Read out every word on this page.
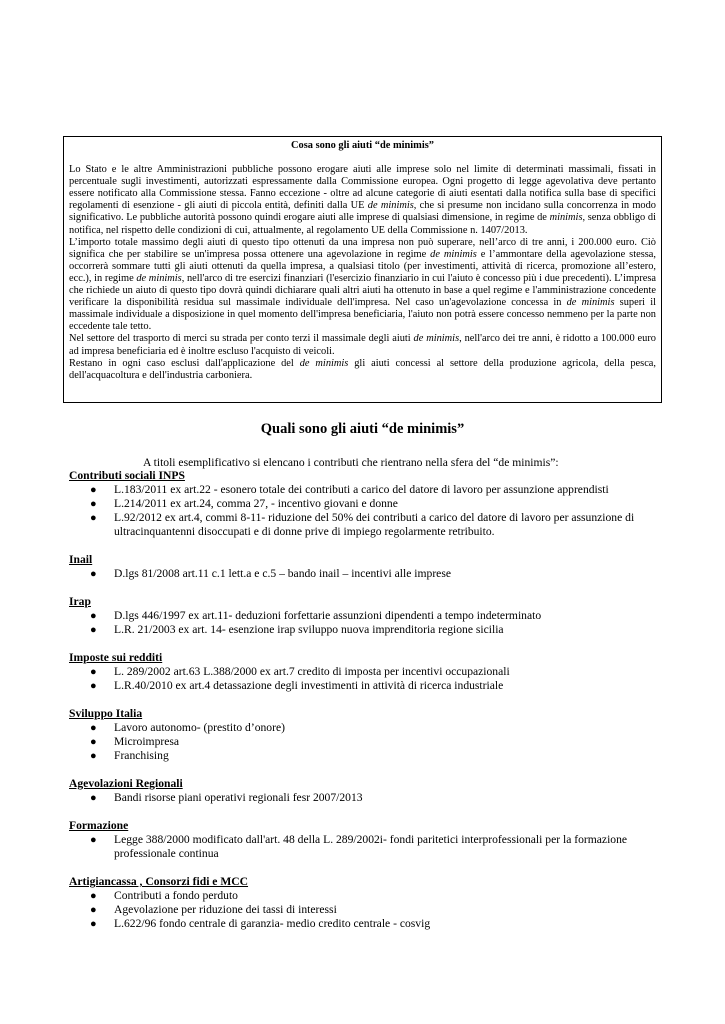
Cosa sono gli aiuti “de minimis”

Lo Stato e le altre Amministrazioni pubbliche possono erogare aiuti alle imprese solo nel limite di determinati massimali, fissati in percentuale sugli investimenti, autorizzati espressamente dalla Commissione europea. Ogni progetto di legge agevolativa deve pertanto essere notificato alla Commissione stessa. Fanno eccezione - oltre ad alcune categorie di aiuti esentati dalla notifica sulla base di specifici regolamenti di esenzione - gli aiuti di piccola entità, definiti dalla UE de minimis, che si presume non incidano sulla concorrenza in modo significativo. Le pubbliche autorità possono quindi erogare aiuti alle imprese di qualsiasi dimensione, in regime de minimis, senza obbligo di notifica, nel rispetto delle condizioni di cui, attualmente, al regolamento UE della Commissione n. 1407/2013.

L’importo totale massimo degli aiuti di questo tipo ottenuti da una impresa non può superare, nell’arco di tre anni, i 200.000 euro. Ciò significa che per stabilire se un'impresa possa ottenere una agevolazione in regime de minimis e l’ammontare della agevolazione stessa, occorrerà sommare tutti gli aiuti ottenuti da quella impresa, a qualsiasi titolo (per investimenti, attività di ricerca, promozione all’estero, ecc.), in regime de minimis, nell'arco di tre esercizi finanziari (l'esercizio finanziario in cui l'aiuto è concesso più i due precedenti). L’impresa che richiede un aiuto di questo tipo dovrà quindi dichiarare quali altri aiuti ha ottenuto in base a quel regime e l'amministrazione concedente verificare la disponibilità residua sul massimale individuale dell'impresa. Nel caso un'agevolazione concessa in de minimis superi il massimale individuale a disposizione in quel momento dell'impresa beneficiaria, l'aiuto non potrà essere concesso nemmeno per la parte non eccedente tale tetto.

Nel settore del trasporto di merci su strada per conto terzi il massimale degli aiuti de minimis, nell'arco dei tre anni, è ridotto a 100.000 euro ad impresa beneficiaria ed è inoltre escluso l'acquisto di veicoli.

Restano in ogni caso esclusi dall'applicazione del de minimis gli aiuti concessi al settore della produzione agricola, della pesca, dell'acquacoltura e dell'industria carboniera.

Quali sono gli aiuti “de minimis”
A titoli esemplificativo si elencano i contributi che rientrano nella sfera del “de minimis”:
Contributi sociali INPS
● L.183/2011 ex art.22 - esonero totale dei contributi a carico del datore di lavoro per assunzione apprendisti
● L.214/2011 ex art.24, comma 27, - incentivo giovani e donne
● L.92/2012 ex art.4, commi 8-11- riduzione del 50% dei contributi a carico del datore di lavoro per assunzione di ultracinquantenni disoccupati e di donne prive di impiego regolarmente retribuito.
Inail
● D.lgs 81/2008 art.11 c.1 lett.a e c.5 – bando inail – incentivi alle imprese
Irap
● D.lgs 446/1997 ex art.11- deduzioni forfettarie assunzioni dipendenti a tempo indeterminato
● L.R. 21/2003 ex art. 14- esenzione irap sviluppo nuova imprenditoria regione sicilia
Imposte sui redditi
● L. 289/2002 art.63 L.388/2000 ex art.7 credito di imposta per incentivi occupazionali
● L.R.40/2010 ex art.4 detassazione degli investimenti in attività di ricerca industriale
Sviluppo Italia
● Lavoro autonomo- (prestito d’onore)
● Microimpresa
● Franchising
Agevolazioni Regionali
● Bandi risorse piani operativi regionali fesr 2007/2013
Formazione
● Legge 388/2000 modificato dall'art. 48 della L. 289/2002i- fondi paritetici interprofessionali per la formazione professionale continua
Artigiancassa , Consorzi fidi e MCC
● Contributi a fondo perduto
● Agevolazione per riduzione dei tassi di interessi
● L.622/96 fondo centrale di garanzia- medio credito centrale - cosvig
